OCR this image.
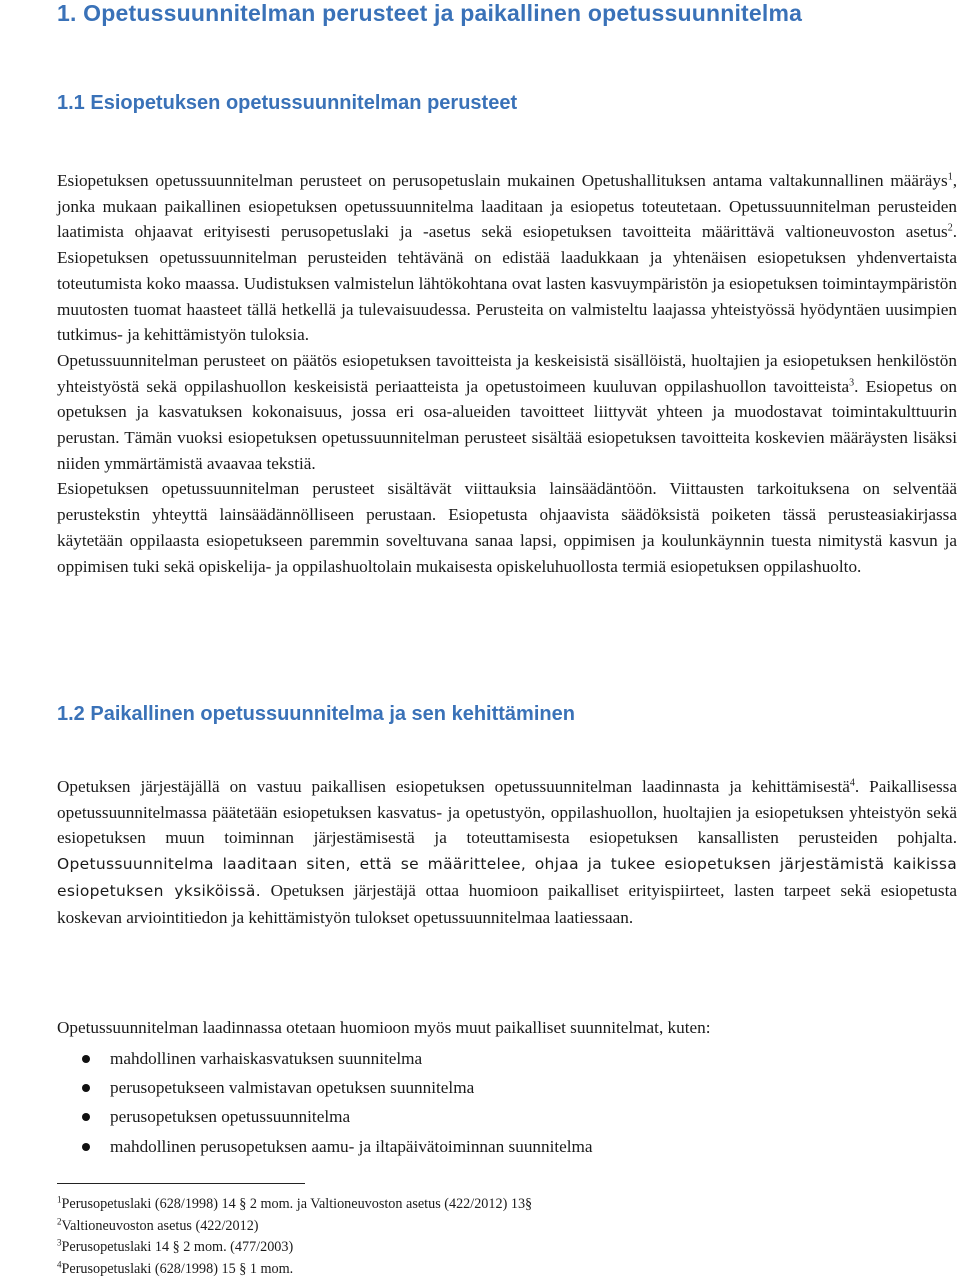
1. Opetussuunnitelman perusteet ja paikallinen opetussuunnitelma
1.1 Esiopetuksen opetussuunnitelman perusteet

Esiopetuksen opetussuunnitelman perusteet on perusopetuslain mukainen Opetushallituksen antama valtakunnallinen määräys$^1$, jonka mukaan paikallinen esiopetuksen opetussuunnitelma laaditaan ja esiopetus toteutetaan. Opetussuunnitelman perusteiden laatimista ohjaavat erityisesti perusopetuslaki ja -asetus sekä esiopetuksen tavoitteita määrittävä valtioneuvoston asetus$^2$. Esiopetuksen opetussuunnitelman perusteiden tehtävänä on edistää laadukkaan ja yhtenäisen esiopetuksen yhdenvertaista toteutumista koko maassa. Uudistuksen valmistelun lähtökohtana ovat lasten kasvuympäristön ja esiopetuksen toimintaympäristön muutosten tuomat haasteet tällä hetkellä ja tulevaisuudessa. Perusteita on valmisteltu laajassa yhteistyössä hyödyntäen uusimpien tutkimus- ja kehittämistyön tuloksia.

Opetussuunnitelman perusteet on päätös esiopetuksen tavoitteista ja keskeisistä sisällöistä, huoltajien ja esiopetuksen henkilöstön yhteistyöstä sekä oppilashuollon keskeisistä periaatteista ja opetustoimeen kuuluvan oppilashuollon tavoitteista$^3$. Esiopetus on opetuksen ja kasvatuksen kokonaisuus, jossa eri osa-alueiden tavoitteet liittyvät yhteen ja muodostavat toimintakulttuurin perustan. Tämän vuoksi esiopetuksen opetussuunnitelman perusteet sisältää esiopetuksen tavoitteita koskevien määräysten lisäksi niiden ymmärtämistä avaavaa tekstiä.

Esiopetuksen opetussuunnitelman perusteet sisältävät viittauksia lainsäädäntöön. Viittausten tarkoituksena on selventää perustekstin yhteyttä lainsäädännölliseen perustaan. Esiopetusta ohjaavista säädöksistä poiketen tässä perusteasiakirjassa käytetään oppilaasta esiopetukseen paremmin soveltuvana sanaa lapsi, oppimisen ja koulunkäynnin tuesta nimitystä kasvun ja oppimisen tuki sekä opiskelija- ja oppilashuoltolain mukaisesta opiskeluhuollosta termiä esiopetuksen oppilashuolto.

1.2 Paikallinen opetussuunnitelma ja sen kehittäminen

Opetuksen järjestäjällä on vastuu paikallisen esiopetuksen opetussuunnitelman laadinnasta ja kehittämisestä$^4$. Paikallisessa opetussuunnitelmassa päätetään esiopetuksen kasvatus- ja opetustyön, oppilashuollon, huoltajien ja esiopetuksen yhteistyön sekä esiopetuksen muun toiminnan järjestämisestä ja toteuttamisesta esiopetuksen kansallisten perusteiden pohjalta. Opetussuunnitelma laaditaan siten, että se määrittelee, ohjaa ja tukee esiopetuksen järjestämistä kaikissa esiopetuksen yksiköissä. Opetuksen järjestäjä ottaa huomioon paikalliset erityispiirteet, lasten tarpeet sekä esiopetusta koskevan arviointitiedon ja kehittämistyön tulokset opetussuunnitelmaa laatiessaan.

Opetussuunnitelman laadinnassa otetaan huomioon myös muut paikalliset suunnitelmat, kuten:
mahdollinen varhaiskasvatuksen suunnitelma
perusopetukseen valmistavan opetuksen suunnitelma
perusopetuksen opetussuunnitelma
mahdollinen perusopetuksen aamu- ja iltapäivätoiminnan suunnitelma
$^1$Perusopetuslaki (628/1998) 14 § 2 mom. ja Valtioneuvoston asetus (422/2012) 13§
$^2$Valtioneuvoston asetus (422/2012)
$^3$Perusopetuslaki 14 § 2 mom. (477/2003)
$^4$Perusopetuslaki (628/1998) 15 § 1 mom.
